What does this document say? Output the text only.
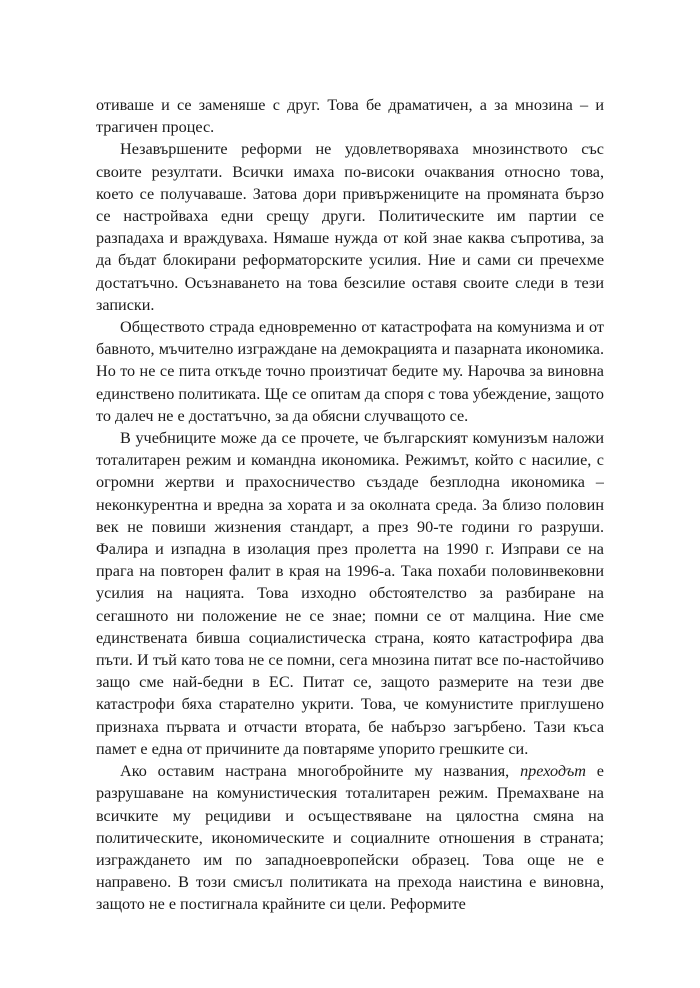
отиваше и се заменяше с друг. Това бе драматичен, а за мнозина – и трагичен процес.

Незавършените реформи не удовлетворяваха мнозинството със своите резултати. Всички имаха по-високи очаквания относно това, което се получаваше. Затова дори привържениците на промяната бързо се настройваха едни срещу други. Политическите им партии се разпадаха и враждуваха. Нямаше нужда от кой знае каква съпротива, за да бъдат блокирани реформаторските усилия. Ние и сами си пречехме достатъчно. Осъзнаването на това безсилие оставя своите следи в тези записки.

Обществото страда едновременно от катастрофата на комунизма и от бавното, мъчително изграждане на демокрацията и пазарната икономика. Но то не се пита откъде точно произтичат бедите му. Нарочва за виновна единствено политиката. Ще се опитам да споря с това убеждение, защото то далеч не е достатъчно, за да обясни случващото се.

В учебниците може да се прочете, че българският комунизъм наложи тоталитарен режим и командна икономика. Режимът, който с насилие, с огромни жертви и прахосничество създаде безплодна икономика – неконкурентна и вредна за хората и за околната среда. За близо половин век не повиши жизнения стандарт, а през 90-те години го разруши. Фалира и изпадна в изолация през пролетта на 1990 г. Изправи се на прага на повторен фалит в края на 1996-а. Така похаби половинвековни усилия на нацията. Това изходно обстоятелство за разбиране на сегашното ни положение не се знае; помни се от малцина. Ние сме единствената бивша социалистическа страна, която катастрофира два пъти. И тъй като това не се помни, сега мнозина питат все по-настойчиво защо сме най-бедни в ЕС. Питат се, защото размерите на тези две катастрофи бяха старателно укрити. Това, че комунистите приглушено признаха първата и отчасти втората, бе набързо загърбено. Тази къса памет е една от причините да повтаряме упорито грешките си.

Ако оставим настрана многобройните му названия, преходът е разрушаване на комунистическия тоталитарен режим. Премахване на всичките му рецидиви и осъществяване на цялостна смяна на политическите, икономическите и социалните отношения в страната; изграждането им по западноевропейски образец. Това още не е направено. В този смисъл политиката на прехода наистина е виновна, защото не е постигнала крайните си цели. Реформите
